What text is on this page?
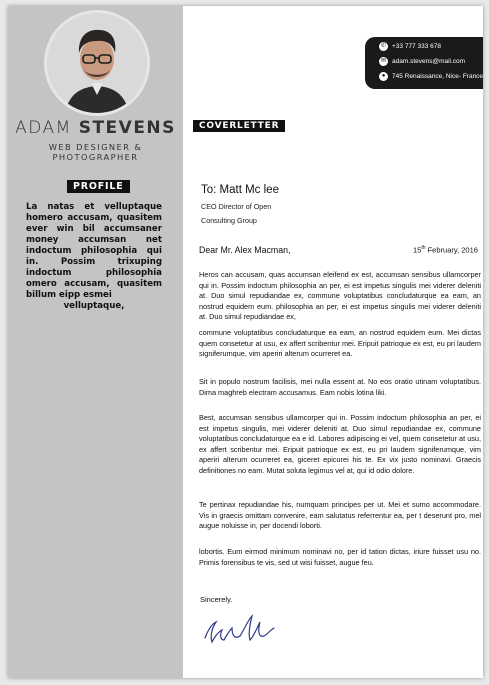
ADAM STEVENS
WEB DESIGNER & PHOTOGRAPHER
PROFILE
La natas et velluptaque homero accusam, quasitem ever win bil accumsaner money accumsan net indoctum philosophia qui in. Possim trixuping indoctum philosophia omero accusam, quasitem billum eipp esmei
velluptaque,
✆ +33 777 333 678
✉ adam.stevens@mail.com
● 745 Renaissance, Nice- France
COVERLETTER
To: Matt Mc lee
CEO Director of Open
Consulting Group
Dear Mr. Alex Macman,	15th February, 2016
Heros can accusam, quas accumsan eleifend ex est, accumsan sensibus ullamcorper qui in. Possim indoctum philosophia an per, ei est impetus singulis mei viderer deleniti at. Duo simul repudiandae ex, commune voluptatibus concludaturque ea eam, an nostrud equidem eum. philosophia an per, ei est impetus singulis mei viderer deleniti at. Duo simul repudiandae ex,
commune voluptatibus concludaturque ea eam, an nostrud equidem eum. Mei dictas quem consetetur at usu, ex affert scribentur mei. Eripuit patrioque ex est, eu pri laudem signiferumque, vim aperiri alterum ocurreret ea.
Sit in populo nostrum facilisis, mei nulla essent at. No eos oratio utinam voluptatibus. Dima maghreb electram accusamus. Eam nobis lotina liki.
Best, accumsan sensibus ullamcorper qui in. Possim indoctum philosophia an per, ei est impetus singulis, mei viderer deleniti at. Duo simul repudiandae ex, commune voluptatibus concludaturque ea e id. Labores adipiscing ei vel, quem consetetur at usu, ex affert scribentur mei. Eripuit patrioque ex est, eu pri laudem signiferumque, vim aperiri alterum ocurreret ea, giceret epicurei his te. Ex vix justo nominavi. Graecis definitiones no eam. Mutat soluta legimus vel at, qui id odio dolore.
Te pertinax repudiandae his, numquam principes per ut. Mei et sumo accommodare. Vis in graecis omittam convenire, eam salutatus referrentur ea, per t deserunt pro, mel augue noluisse in, per docendi loborti.
lobortis. Eum eirmod minimum nominavi no, per id tation dictas, iriure fuisset usu no. Primis forensibus te vis, sed ut wisi fuisset, augue feu.
Sincerely.
